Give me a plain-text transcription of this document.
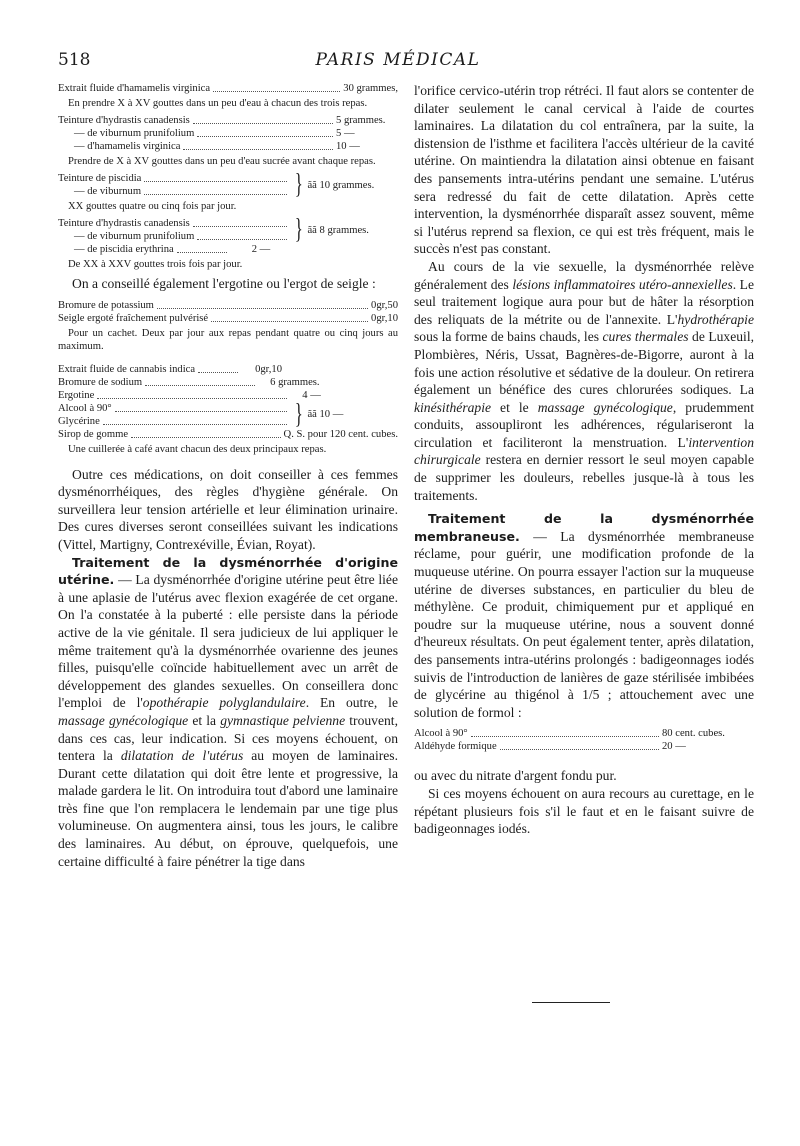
518	PARIS MÉDICAL
Extrait fluide d'hamamelis virginica	30 grammes,
En prendre X à XV gouttes dans un peu d'eau à chacun des trois repas.
Teinture d'hydrastis canadensis	5 grammes.
— de viburnum prunifolium	5 —
— d'hamamelis virginica	10 —
Prendre de X à XV gouttes dans un peu d'eau sucrée avant chaque repas.
Teinture de piscidia
— de viburnum	} ãã 10 grammes.
XX gouttes quatre ou cinq fois par jour.
Teinture d'hydrastis canadensis
— de viburnum prunifolium	} ãã 8 grammes.
— de piscidia erythrina	2 —
De XX à XXV gouttes trois fois par jour.

On a conseillé également l'ergotine ou l'ergot de seigle :

Bromure de potassium	0gr,50
Seigle ergoté fraîchement pulvérisé	0gr,10
Pour un cachet. Deux par jour aux repas pendant quatre ou cinq jours au maximum.
Extrait fluide de cannabis indica	0gr,10
Bromure de sodium	6 grammes.
Ergotine	4 —
Alcool à 90°
Glycérine	} ãã 10 —
Sirop de gomme	Q. S. pour 120 cent. cubes.
Une cuillerée à café avant chacun des deux principaux repas.

Outre ces médications, on doit conseiller à ces femmes dysménorrhéiques, des règles d'hygiène générale. On surveillera leur tension artérielle et leur élimination urinaire. Des cures diverses seront conseillées suivant les indications (Vittel, Martigny, Contrexéville, Évian, Royat).

Traitement de la dysménorrhée d'origine utérine. — La dysménorrhée d'origine utérine peut être liée à une aplasie de l'utérus avec flexion exagérée de cet organe. On l'a constatée à la puberté : elle persiste dans la période active de la vie génitale. Il sera judicieux de lui appliquer le même traitement qu'à la dysménorrhée ovarienne des jeunes filles, puisqu'elle coïncide habituellement avec un arrêt de développement des glandes sexuelles. On conseillera donc l'emploi de l'opothérapie polyglandulaire. En outre, le massage gynécologique et la gymnastique pelvienne trouvent, dans ces cas, leur indication. Si ces moyens échouent, on tentera la dilatation de l'utérus au moyen de laminaires. Durant cette dilatation qui doit être lente et progressive, la malade gardera le lit. On introduira tout d'abord une laminaire très fine que l'on remplacera le lendemain par une tige plus volumineuse. On augmentera ainsi, tous les jours, le calibre des laminaires. Au début, on éprouve, quelquefois, une certaine difficulté à faire pénétrer la tige dans

l'orifice cervico-utérin trop rétréci. Il faut alors se contenter de dilater seulement le canal cervical à l'aide de courtes laminaires. La dilatation du col entraînera, par la suite, la distension de l'isthme et facilitera l'accès ultérieur de la cavité utérine. On maintiendra la dilatation ainsi obtenue en faisant des pansements intra-utérins pendant une semaine. L'utérus sera redressé du fait de cette dilatation. Après cette intervention, la dysménorrhée disparaît assez souvent, même si l'utérus reprend sa flexion, ce qui est très fréquent, mais le succès n'est pas constant.

Au cours de la vie sexuelle, la dysménorrhée relève généralement des lésions inflammatoires utéro-annexielles. Le seul traitement logique aura pour but de hâter la résorption des reliquats de la métrite ou de l'annexite. L'hydrothérapie sous la forme de bains chauds, les cures thermales de Luxeuil, Plombières, Néris, Ussat, Bagnères-de-Bigorre, auront à la fois une action résolutive et sédative de la douleur. On retirera également un bénéfice des cures chlorurées sodiques. La kinésithérapie et le massage gynécologique, prudemment conduits, assoupliront les adhérences, régulariseront la circulation et faciliteront la menstruation. L'intervention chirurgicale restera en dernier ressort le seul moyen capable de supprimer les douleurs, rebelles jusque-là à tous les traitements.

Traitement de la dysménorrhée membraneuse. — La dysménorrhée membraneuse réclame, pour guérir, une modification profonde de la muqueuse utérine. On pourra essayer l'action sur la muqueuse utérine de diverses substances, en particulier du bleu de méthylène. Ce produit, chimiquement pur et appliqué en poudre sur la muqueuse utérine, nous a souvent donné d'heureux résultats. On peut également tenter, après dilatation, des pansements intra-utérins prolongés : badigeonnages iodés suivis de l'introduction de lanières de gaze stérilisée imbibées de glycérine au thigénol à 1/5 ; attouchement avec une solution de formol :

Alcool à 90°	80 cent. cubes.
Aldéhyde formique	20 —

ou avec du nitrate d'argent fondu pur.

Si ces moyens échouent on aura recours au curettage, en le répétant plusieurs fois s'il le faut et en le faisant suivre de badigeonnages iodés.
